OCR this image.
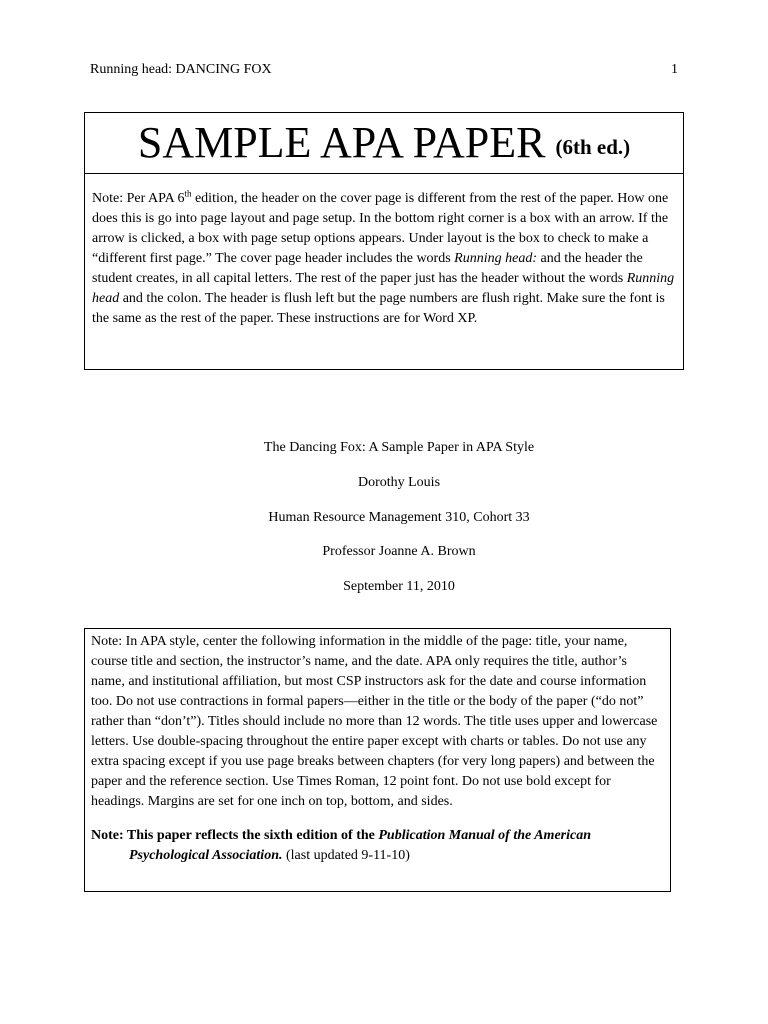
Running head: DANCING FOX	1
SAMPLE APA PAPER (6th ed.)
Note: Per APA 6th edition, the header on the cover page is different from the rest of the paper. How one does this is go into page layout and page setup. In the bottom right corner is a box with an arrow. If the arrow is clicked, a box with page setup options appears. Under layout is the box to check to make a “different first page.” The cover page header includes the words Running head: and the header the student creates, in all capital letters. The rest of the paper just has the header without the words Running head and the colon. The header is flush left but the page numbers are flush right. Make sure the font is the same as the rest of the paper. These instructions are for Word XP.
The Dancing Fox: A Sample Paper in APA Style
Dorothy Louis
Human Resource Management 310, Cohort 33
Professor Joanne A. Brown
September 11, 2010
Note: In APA style, center the following information in the middle of the page: title, your name, course title and section, the instructor’s name, and the date. APA only requires the title, author’s name, and institutional affiliation, but most CSP instructors ask for the date and course information too. Do not use contractions in formal papers—either in the title or the body of the paper (“do not” rather than “don’t”). Titles should include no more than 12 words. The title uses upper and lowercase letters. Use double-spacing throughout the entire paper except with charts or tables. Do not use any extra spacing except if you use page breaks between chapters (for very long papers) and between the paper and the reference section. Use Times Roman, 12 point font. Do not use bold except for headings. Margins are set for one inch on top, bottom, and sides.
Note: This paper reflects the sixth edition of the Publication Manual of the American Psychological Association. (last updated 9-11-10)
